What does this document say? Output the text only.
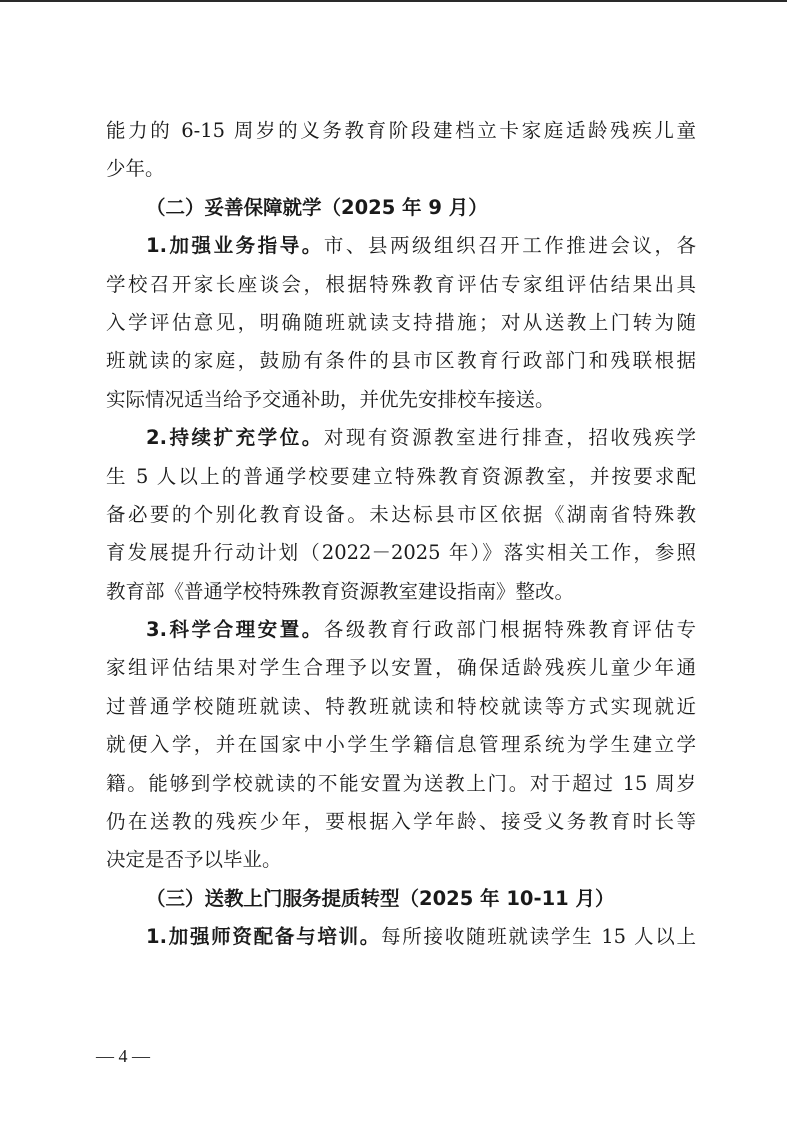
能力的 6-15 周岁的义务教育阶段建档立卡家庭适龄残疾儿童
少年。
（二）妥善保障就学（2025 年 9 月）
1.加强业务指导。市、县两级组织召开工作推进会议，各
学校召开家长座谈会，根据特殊教育评估专家组评估结果出具
入学评估意见，明确随班就读支持措施；对从送教上门转为随
班就读的家庭，鼓励有条件的县市区教育行政部门和残联根据
实际情况适当给予交通补助，并优先安排校车接送。
2.持续扩充学位。对现有资源教室进行排查，招收残疾学
生 5 人以上的普通学校要建立特殊教育资源教室，并按要求配
备必要的个别化教育设备。未达标县市区依据《湖南省特殊教
育发展提升行动计划（2022－2025 年）》落实相关工作，参照
教育部《普通学校特殊教育资源教室建设指南》整改。
3.科学合理安置。各级教育行政部门根据特殊教育评估专
家组评估结果对学生合理予以安置，确保适龄残疾儿童少年通
过普通学校随班就读、特教班就读和特校就读等方式实现就近
就便入学，并在国家中小学生学籍信息管理系统为学生建立学
籍。能够到学校就读的不能安置为送教上门。对于超过 15 周岁
仍在送教的残疾少年，要根据入学年龄、接受义务教育时长等
决定是否予以毕业。
（三）送教上门服务提质转型（2025 年 10-11 月）
1.加强师资配备与培训。每所接收随班就读学生 15 人以上
— 4 —
